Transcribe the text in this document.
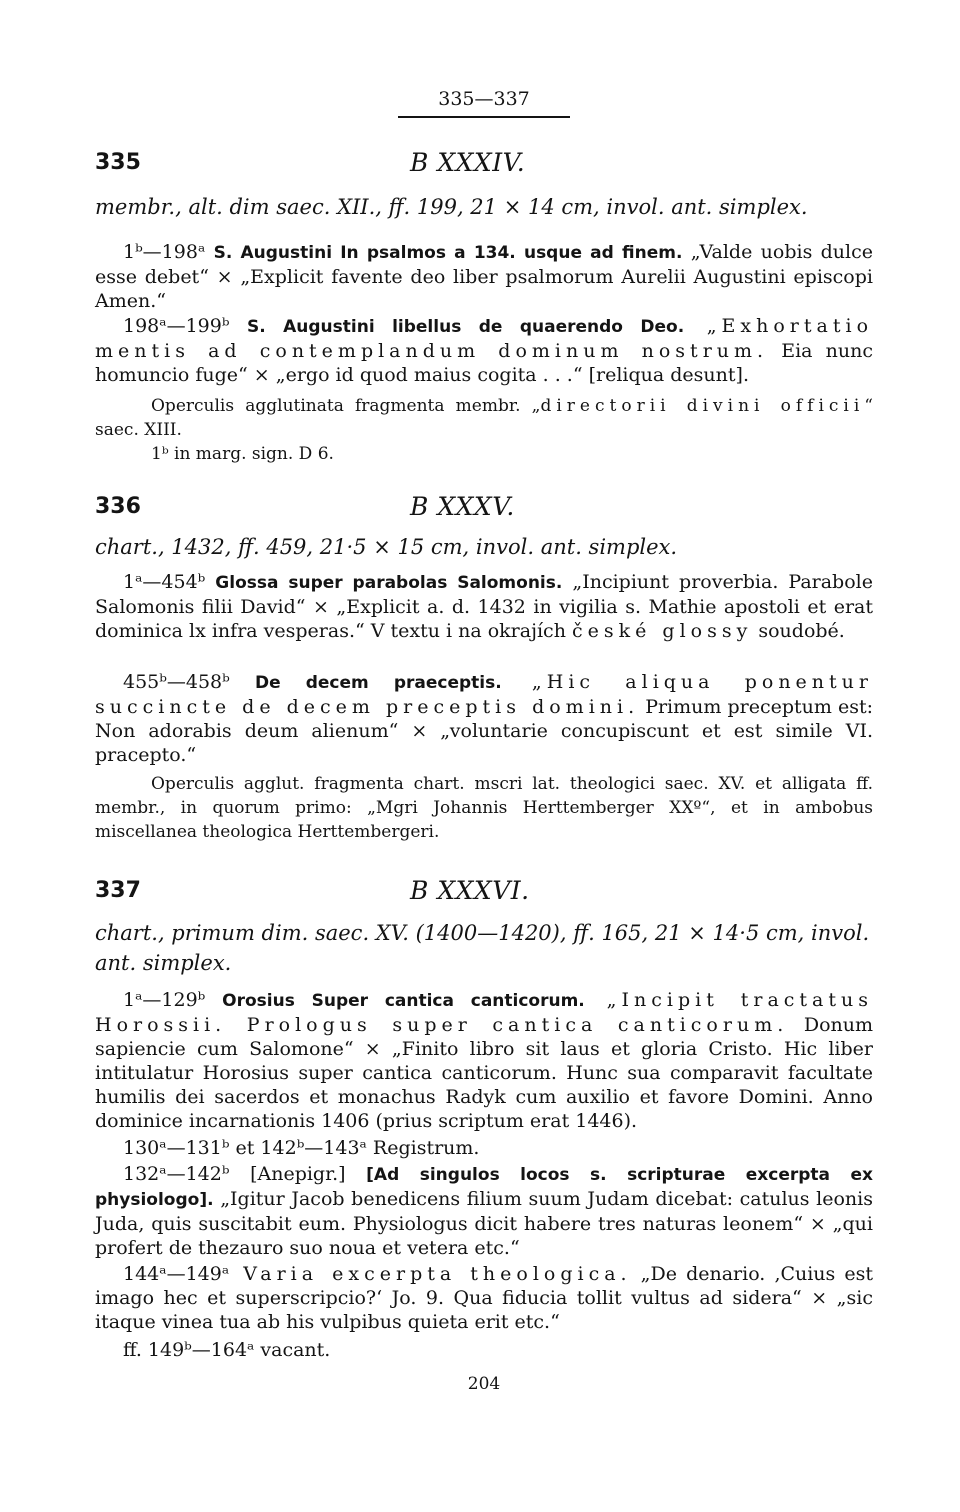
335—337
335	B XXXIV.
membr., alt. dim saec. XII., ff. 199, 21 × 14 cm, invol. ant. simplex.
1ᵇ—198ᵃ S. Augustini In psalmos a 134. usque ad finem. „Valde uobis dulce esse debet“ × „Explicit favente deo liber psalmorum Aurelii Augustini episcopi Amen.“
198ᵃ—199ᵇ S. Augustini libellus de quaerendo Deo. „Exhortatio mentis ad contemplandum dominum nostrum. Eia nunc homuncio fuge“ × „ergo id quod maius cogita . . .“ [reliqua desunt].
Operculis agglutinata fragmenta membr. „directorii divini officii“ saec. XIII.
1ᵇ in marg. sign. D 6.
336	B XXXV.
chart., 1432, ff. 459, 21·5 × 15 cm, invol. ant. simplex.
1ᵃ—454ᵇ Glossa super parabolas Salomonis. „Incipiunt proverbia. Parabole Salomonis filii David“ × „Explicit a. d. 1432 in vigilia s. Mathie apostoli et erat dominica lx infra vesperas.“ V textu i na okrajích české glossy soudobé.
455ᵇ—458ᵇ De decem praeceptis. „Hic aliqua ponentur succincte de decem preceptis domini. Primum preceptum est: Non adorabis deum alienum“ × „voluntarie concupiscunt et est simile VI. pracepto.“
Operculis agglut. fragmenta chart. mscri lat. theologici saec. XV. et alligata ff. membr., in quorum primo: „Mgri Johannis Herttemberger XXº“, et in ambobus miscellanea theologica Herttembergeri.
337	B XXXVI.
chart., primum dim. saec. XV. (1400—1420), ff. 165, 21 × 14·5 cm, invol. ant. simplex.
1ᵃ—129ᵇ Orosius Super cantica canticorum. „Incipit tractatus Horossii. Prologus super cantica canticorum. Donum sapiencie cum Salomone“ × „Finito libro sit laus et gloria Cristo. Hic liber intitulatur Horosius super cantica canticorum. Hunc sua comparavit facultate humilis dei sacerdos et monachus Radyk cum auxilio et favore Domini. Anno dominice incarnationis 1406 (prius scriptum erat 1446).
130ᵃ—131ᵇ et 142ᵇ—143ᵃ Registrum.
132ᵃ—142ᵇ [Anepigr.] [Ad singulos locos s. scripturae excerpta ex physiologo]. „Igitur Jacob benedicens filium suum Judam dicebat: catulus leonis Juda, quis suscitabit eum. Physiologus dicit habere tres naturas leonem“ × „qui profert de thezauro suo noua et vetera etc.“
144ᵃ—149ᵃ Varia excerpta theologica. „De denario. ‚Cuius est imago hec et superscripcio?‘ Jo. 9. Qua fiducia tollit vultus ad sidera“ × „sic itaque vinea tua ab his vulpibus quieta erit etc.“
ff. 149ᵇ—164ᵃ vacant.
204
